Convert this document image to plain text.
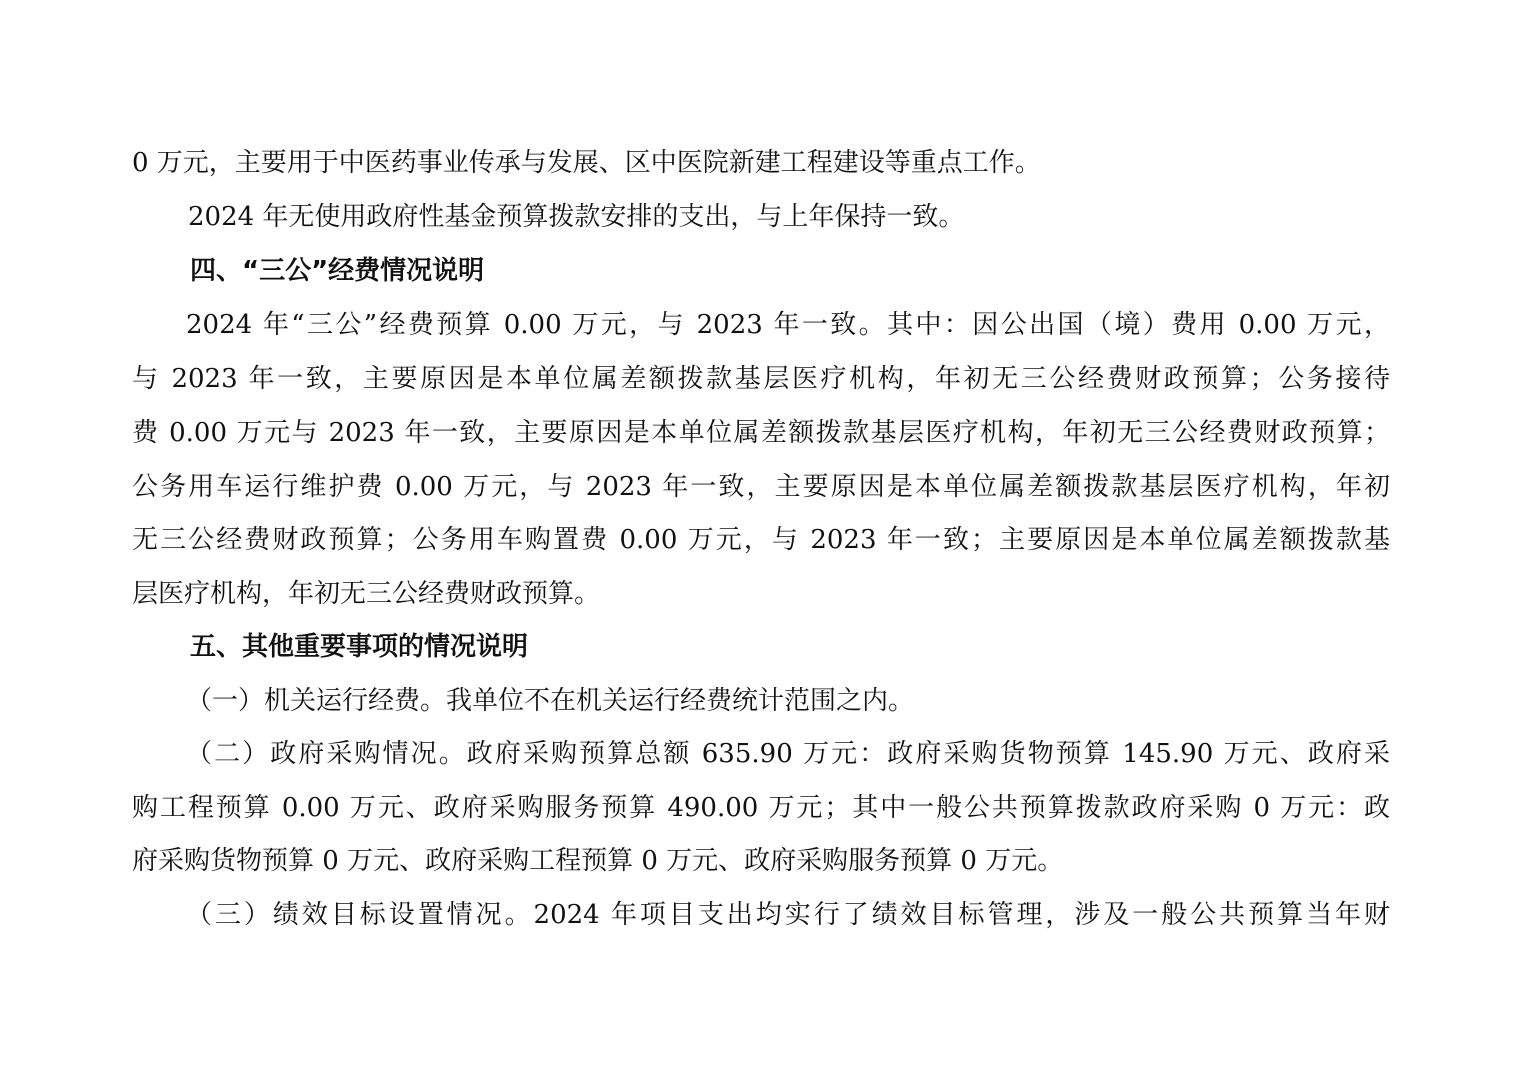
0 万元，主要用于中医药事业传承与发展、区中医院新建工程建设等重点工作。
2024 年无使用政府性基金预算拨款安排的支出，与上年保持一致。
四、“三公”经费情况说明
2024 年“三公”经费预算 0.00 万元，与 2023 年一致。其中：因公出国（境）费用 0.00 万元，
与 2023 年一致，主要原因是本单位属差额拨款基层医疗机构，年初无三公经费财政预算；公务接待
费 0.00 万元与 2023 年一致，主要原因是本单位属差额拨款基层医疗机构，年初无三公经费财政预算；
公务用车运行维护费 0.00 万元，与 2023 年一致，主要原因是本单位属差额拨款基层医疗机构，年初
无三公经费财政预算；公务用车购置费 0.00 万元，与 2023 年一致；主要原因是本单位属差额拨款基
层医疗机构，年初无三公经费财政预算。
五、其他重要事项的情况说明
（一）机关运行经费。我单位不在机关运行经费统计范围之内。
（二）政府采购情况。政府采购预算总额 635.90 万元：政府采购货物预算 145.90 万元、政府采
购工程预算 0.00 万元、政府采购服务预算 490.00 万元；其中一般公共预算拨款政府采购 0 万元：政
府采购货物预算 0 万元、政府采购工程预算 0 万元、政府采购服务预算 0 万元。
（三）绩效目标设置情况。2024 年项目支出均实行了绩效目标管理，涉及一般公共预算当年财
